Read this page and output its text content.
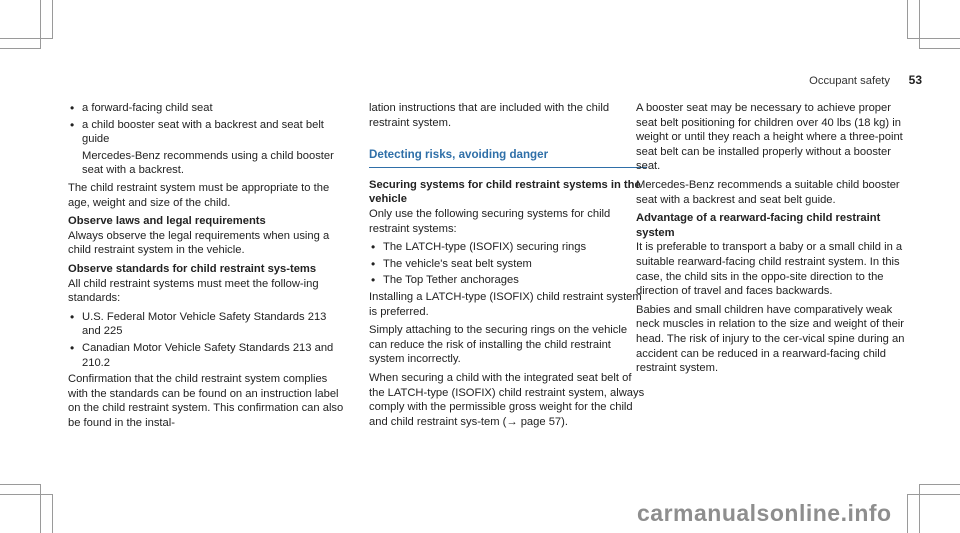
Occupant safety 53
• a forward-facing child seat
• a child booster seat with a backrest and seat belt guide
Mercedes-Benz recommends using a child booster seat with a backrest.

The child restraint system must be appropriate to the age, weight and size of the child.

Observe laws and legal requirements

Always observe the legal requirements when using a child restraint system in the vehicle.

Observe standards for child restraint sys-tems

All child restraint systems must meet the follow-ing standards:

• U.S. Federal Motor Vehicle Safety Standards 213 and 225
• Canadian Motor Vehicle Safety Standards 213 and 210.2

Confirmation that the child restraint system complies with the standards can be found on an instruction label on the child restraint system. This confirmation can also be found in the instal-

lation instructions that are included with the child restraint system.

Detecting risks, avoiding danger
Securing systems for child restraint systems in the vehicle

Only use the following securing systems for child restraint systems:

• The LATCH-type (ISOFIX) securing rings
• The vehicle's seat belt system
• The Top Tether anchorages

Installing a LATCH-type (ISOFIX) child restraint system is preferred.

Simply attaching to the securing rings on the vehicle can reduce the risk of installing the child restraint system incorrectly.

When securing a child with the integrated seat belt of the LATCH-type (ISOFIX) child restraint system, always comply with the permissible gross weight for the child and child restraint sys-tem (→ page 57).

A booster seat may be necessary to achieve proper seat belt positioning for children over 40 lbs (18 kg) in weight or until they reach a height where a three-point seat belt can be installed properly without a booster seat.

Mercedes-Benz recommends a suitable child booster seat with a backrest and seat belt guide.

Advantage of a rearward-facing child restraint system

It is preferable to transport a baby or a small child in a suitable rearward-facing child restraint system. In this case, the child sits in the oppo-site direction to the direction of travel and faces backwards.

Babies and small children have comparatively weak neck muscles in relation to the size and weight of their head. The risk of injury to the cer-vical spine during an accident can be reduced in a rearward-facing child restraint system.

carmanualsonline.info
